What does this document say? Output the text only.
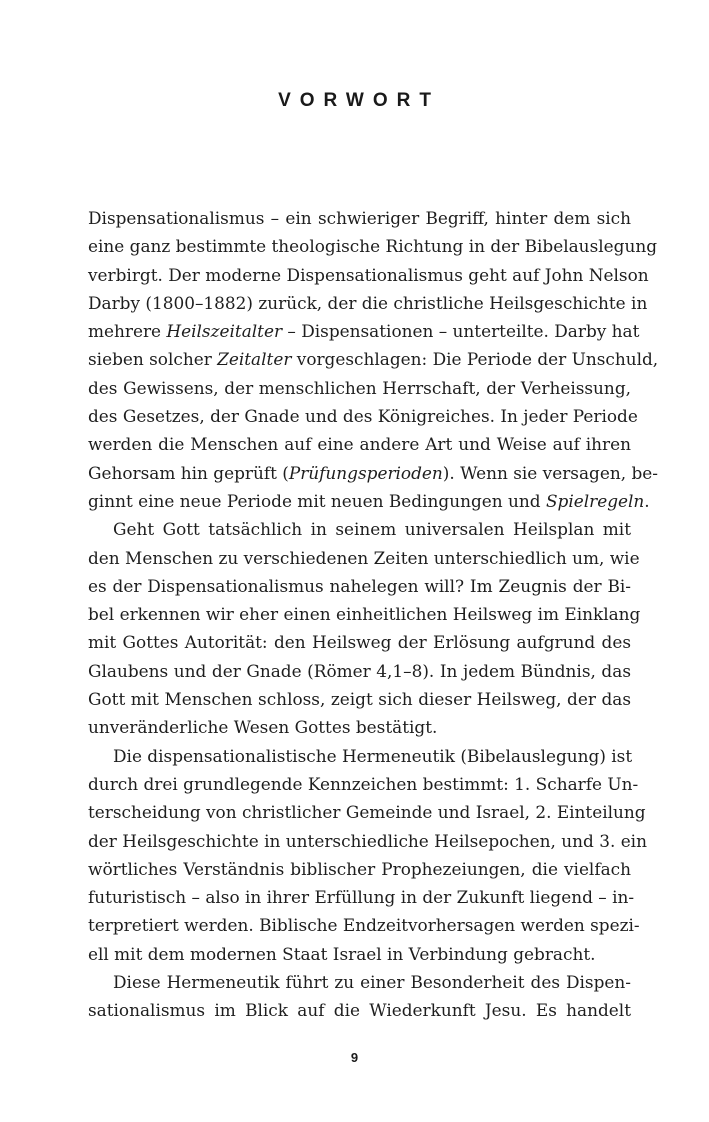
VORWORT
Dispensationalismus – ein schwieriger Begriff, hinter dem sich
eine ganz bestimmte theologische Richtung in der Bibelauslegung
verbirgt. Der moderne Dispensationalismus geht auf John Nelson
Darby (1800–1882) zurück, der die christliche Heilsgeschichte in
mehrere Heilszeitalter – Dispensationen – unterteilte. Darby hat
sieben solcher Zeitalter vorgeschlagen: Die Periode der Unschuld,
des Gewissens, der menschlichen Herrschaft, der Verheissung,
des Gesetzes, der Gnade und des Königreiches. In jeder Periode
werden die Menschen auf eine andere Art und Weise auf ihren
Gehorsam hin geprüft (Prüfungsperioden). Wenn sie versagen, be-
ginnt eine neue Periode mit neuen Bedingungen und Spielregeln.
Geht Gott tatsächlich in seinem universalen Heilsplan mit
den Menschen zu verschiedenen Zeiten unterschiedlich um, wie
es der Dispensationalismus nahelegen will? Im Zeugnis der Bi-
bel erkennen wir eher einen einheitlichen Heilsweg im Einklang
mit Gottes Autorität: den Heilsweg der Erlösung aufgrund des
Glaubens und der Gnade (Römer 4,1–8). In jedem Bündnis, das
Gott mit Menschen schloss, zeigt sich dieser Heilsweg, der das
unveränderliche Wesen Gottes bestätigt.
Die dispensationalistische Hermeneutik (Bibelauslegung) ist
durch drei grundlegende Kennzeichen bestimmt: 1. Scharfe Un-
terscheidung von christlicher Gemeinde und Israel, 2. Einteilung
der Heilsgeschichte in unterschiedliche Heilsepochen, und 3. ein
wörtliches Verständnis biblischer Prophezeiungen, die vielfach
futuristisch – also in ihrer Erfüllung in der Zukunft liegend – in-
terpretiert werden. Biblische Endzeitvorhersagen werden spezi-
ell mit dem modernen Staat Israel in Verbindung gebracht.
Diese Hermeneutik führt zu einer Besonderheit des Dispen-
sationalismus im Blick auf die Wiederkunft Jesu. Es handelt
9
